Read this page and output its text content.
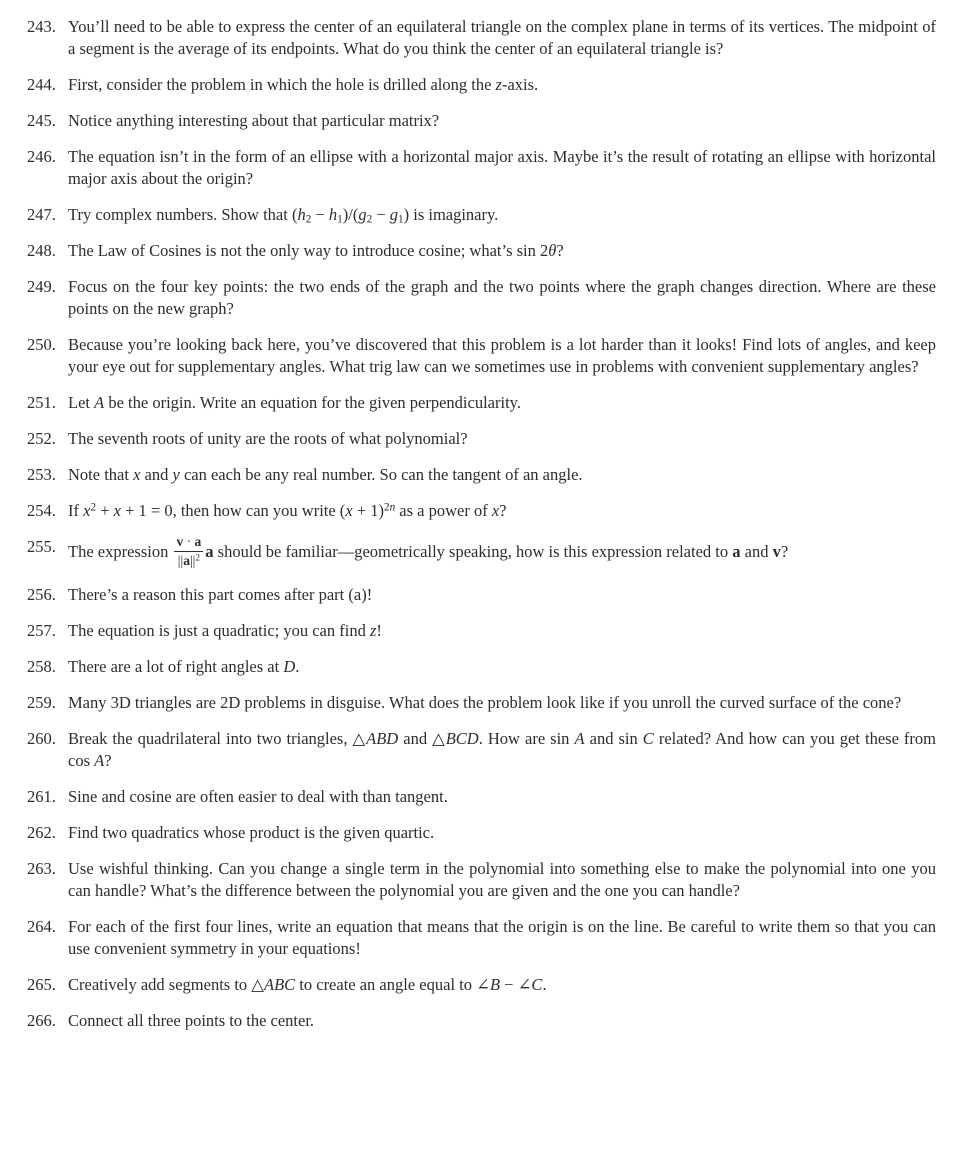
243. You’ll need to be able to express the center of an equilateral triangle on the complex plane in terms of its vertices. The midpoint of a segment is the average of its endpoints. What do you think the center of an equilateral triangle is?
244. First, consider the problem in which the hole is drilled along the z-axis.
245. Notice anything interesting about that particular matrix?
246. The equation isn’t in the form of an ellipse with a horizontal major axis. Maybe it’s the result of rotating an ellipse with horizontal major axis about the origin?
247. Try complex numbers. Show that (h2 − h1)/(g2 − g1) is imaginary.
248. The Law of Cosines is not the only way to introduce cosine; what’s sin 2θ?
249. Focus on the four key points: the two ends of the graph and the two points where the graph changes direction. Where are these points on the new graph?
250. Because you’re looking back here, you’ve discovered that this problem is a lot harder than it looks! Find lots of angles, and keep your eye out for supplementary angles. What trig law can we sometimes use in problems with convenient supplementary angles?
251. Let A be the origin. Write an equation for the given perpendicularity.
252. The seventh roots of unity are the roots of what polynomial?
253. Note that x and y can each be any real number. So can the tangent of an angle.
254. If $x^2 + x + 1 = 0$, then how can you write $(x + 1)^{2n}$ as a power of x?
255. The expression $\frac{v \cdot a}{||a||^2}$ a should be familiar—geometrically speaking, how is this expression related to a and v?
256. There’s a reason this part comes after part (a)!
257. The equation is just a quadratic; you can find z!
258. There are a lot of right angles at D.
259. Many 3D triangles are 2D problems in disguise. What does the problem look like if you unroll the curved surface of the cone?
260. Break the quadrilateral into two triangles, △ABD and △BCD. How are sin A and sin C related? And how can you get these from cos A?
261. Sine and cosine are often easier to deal with than tangent.
262. Find two quadratics whose product is the given quartic.
263. Use wishful thinking. Can you change a single term in the polynomial into something else to make the polynomial into one you can handle? What’s the difference between the polynomial you are given and the one you can handle?
264. For each of the first four lines, write an equation that means that the origin is on the line. Be careful to write them so that you can use convenient symmetry in your equations!
265. Creatively add segments to △ABC to create an angle equal to ∠B − ∠C.
266. Connect all three points to the center.
